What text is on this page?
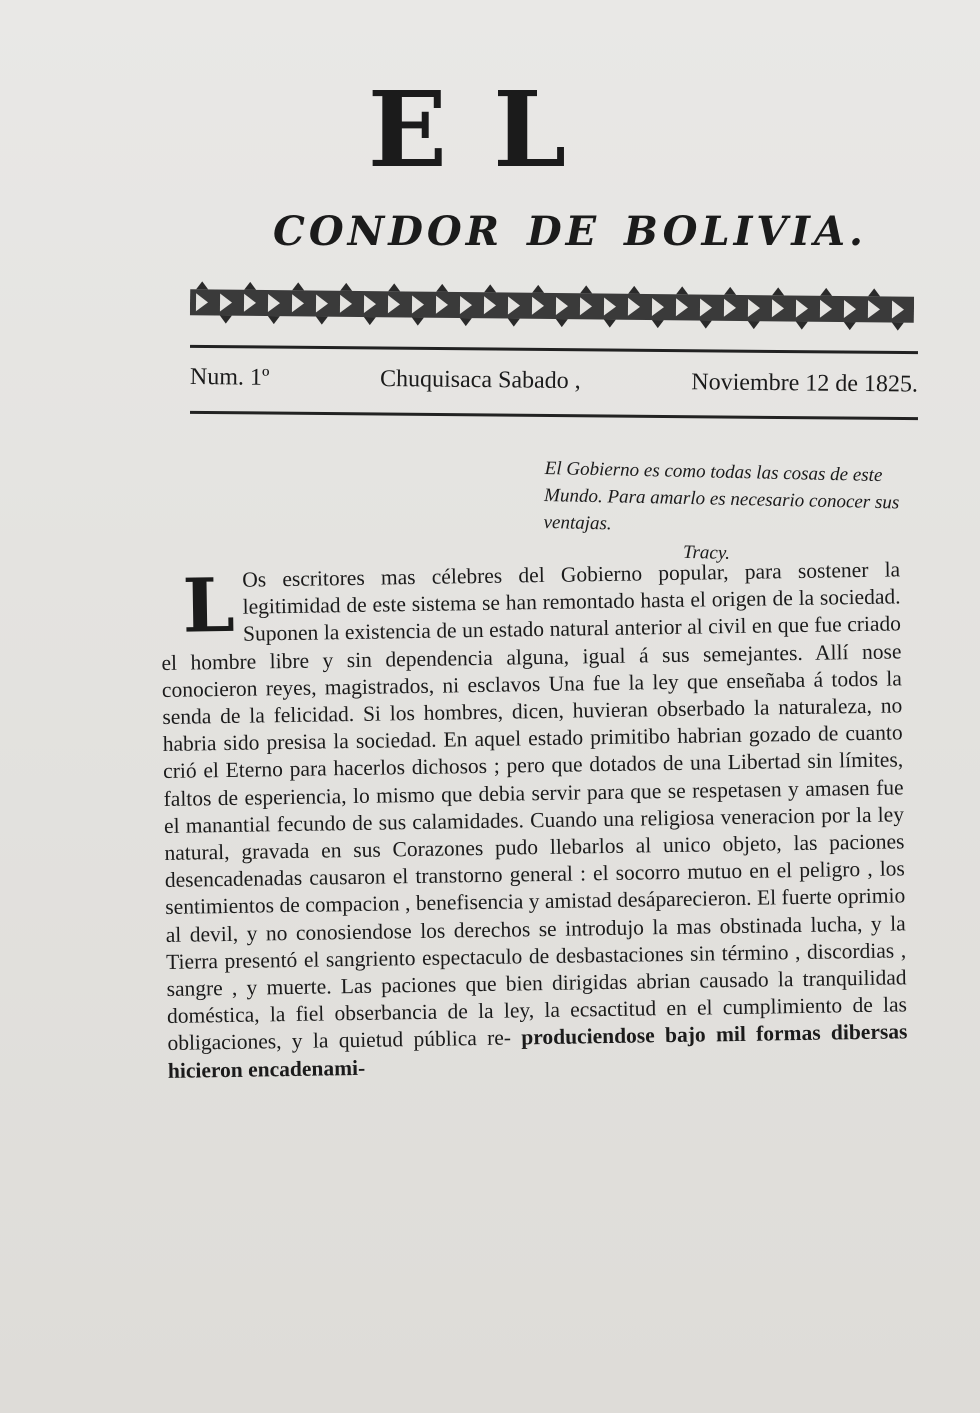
EL
CONDOR DE BOLIVIA.
Num. 1º	Chuquisaca Sabado ,	Noviembre 12 de 1825.
El Gobierno es como todas las cosas de este Mundo. Para amarlo es necesario conocer sus ventajas.
Tracy.
L Os escritores mas célebres del Gobierno popular, para sostener la legitimidad de este sistema se han remontado hasta el origen de la sociedad. Suponen la existencia de un estado natural anterior al civil en que fue criado el hombre libre y sin dependencia alguna, igual á sus semejantes. Allí nose conocieron reyes, magistrados, ni esclavos Una fue la ley que enseñaba á todos la senda de la felicidad. Si los hombres, dicen, huvieran obserbado la naturaleza, no habria sido presisa la sociedad. En aquel estado primitibo habrian gozado de cuanto crió el Eterno para hacerlos dichosos ; pero que dotados de una Libertad sin límites, faltos de esperiencia, lo mismo que debia servir para que se respetasen y amasen fue el manantial fecundo de sus calamidades. Cuando una religiosa veneracion por la ley natural, gravada en sus Corazones pudo llebarlos al unico objeto, las paciones desencadenadas causaron el transtorno general : el socorro mutuo en el peligro , los sentimientos de compacion , benefisencia y amistad desáparecieron. El fuerte oprimio al devil, y no conosiendose los derechos se introdujo la mas obstinada lucha, y la Tierra presentó el sangriento espectaculo de desbastaciones sin término , discordias , sangre , y muerte. Las paciones que bien dirigidas abrian causado la tranquilidad doméstica, la fiel obserbancia de la ley, la ecsactitud en el cumplimiento de las obligaciones, y la quietud pública re- produciendose bajo mil formas dibersas hicieron encadenami-
